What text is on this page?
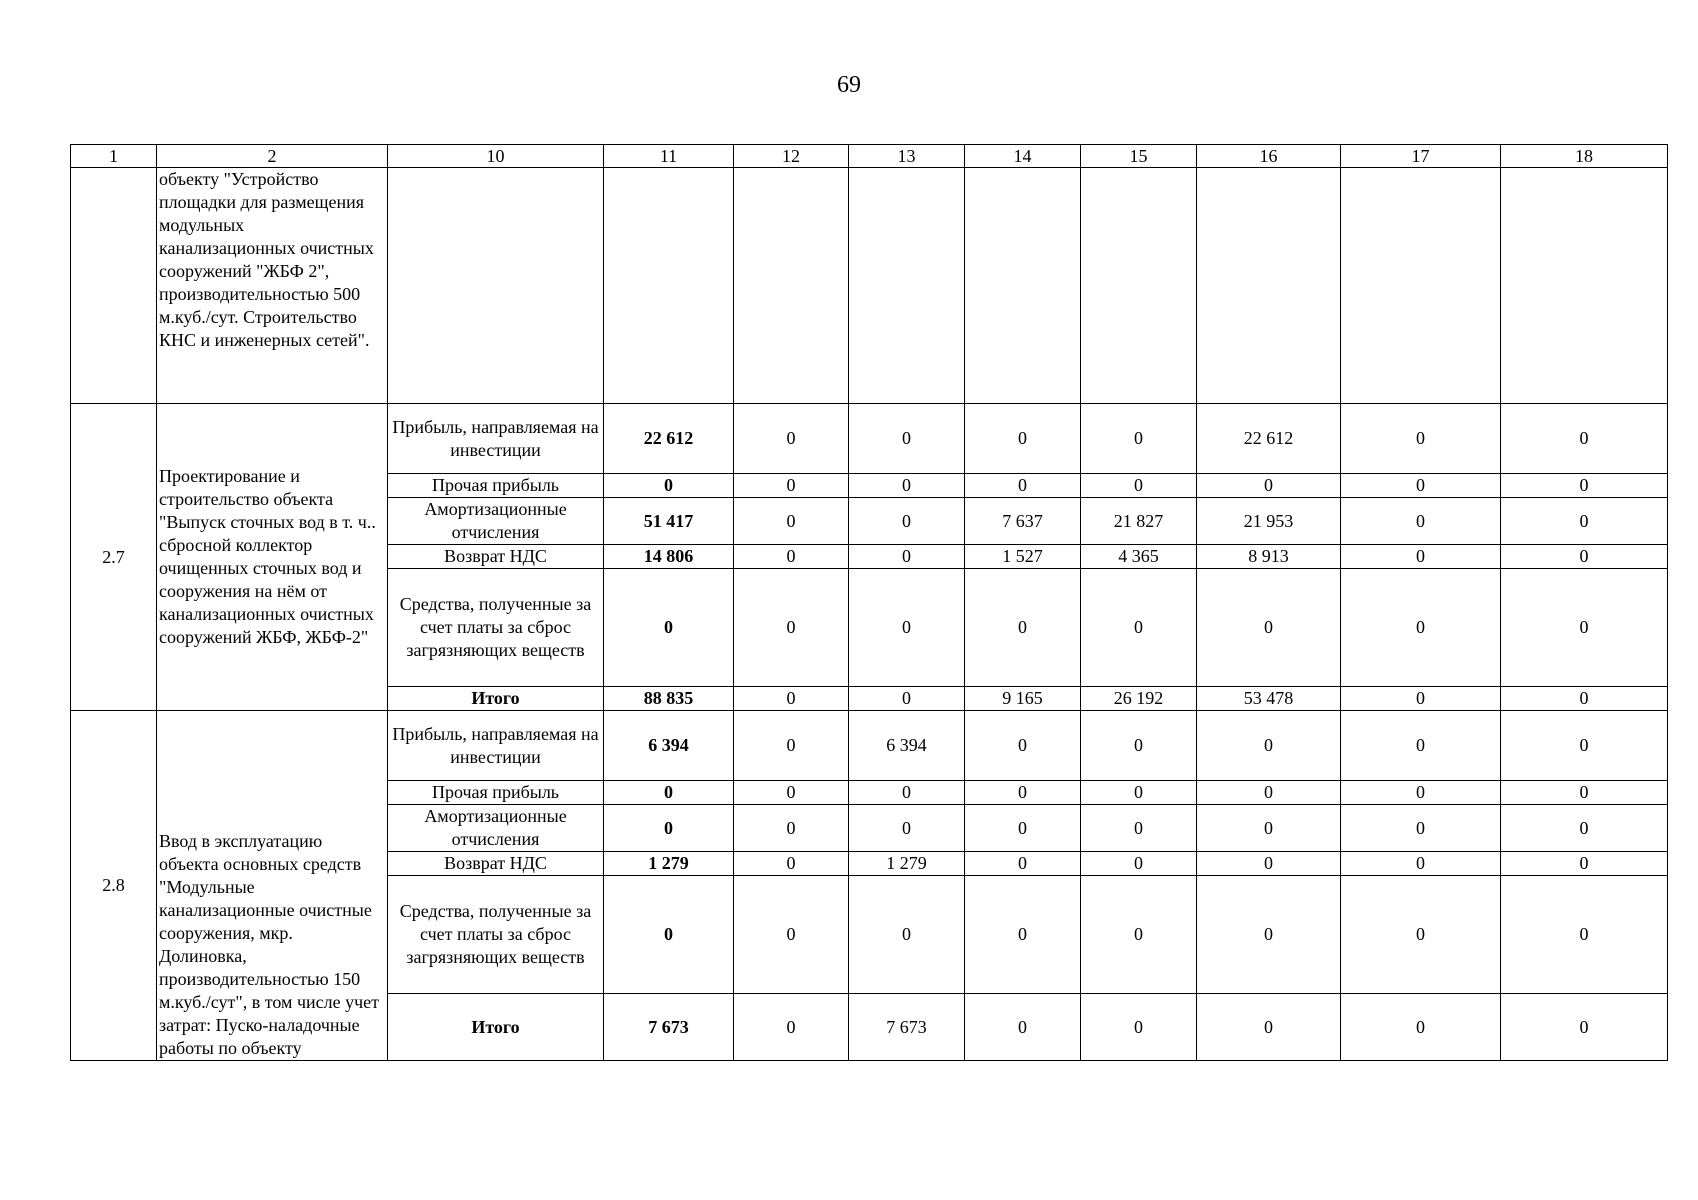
69
1	2	10	11	12	13	14	15	16	17	18
	объекту "Устройство площадки для размещения модульных канализационных очистных сооружений "ЖБФ 2", производительностью 500 м.куб./сут. Строительство КНС и инженерных сетей".									
2.7	Проектирование и строительство объекта "Выпуск сточных вод в т. ч.. сбросной коллектор очищенных сточных вод и сооружения на нём от канализационных очистных сооружений ЖБФ, ЖБФ-2"	Прибыль, направляемая на инвестиции	22 612	0	0	0	0	22 612	0	0
		Прочая прибыль	0	0	0	0	0	0	0	0
		Амортизационные отчисления	51 417	0	0	7 637	21 827	21 953	0	0
		Возврат НДС	14 806	0	0	1 527	4 365	8 913	0	0
		Средства, полученные за счет платы за сброс загрязняющих веществ	0	0	0	0	0	0	0	0
		Итого	88 835	0	0	9 165	26 192	53 478	0	0
2.8	Ввод в эксплуатацию объекта основных средств "Модульные канализационные очистные сооружения, мкр. Долиновка, производительностью 150 м.куб./сут", в том числе учет затрат: Пуско-наладочные работы по объекту	Прибыль, направляемая на инвестиции	6 394	0	6 394	0	0	0	0	0
		Прочая прибыль	0	0	0	0	0	0	0	0
		Амортизационные отчисления	0	0	0	0	0	0	0	0
		Возврат НДС	1 279	0	1 279	0	0	0	0	0
		Средства, полученные за счет платы за сброс загрязняющих веществ	0	0	0	0	0	0	0	0
		Итого	7 673	0	7 673	0	0	0	0	0
